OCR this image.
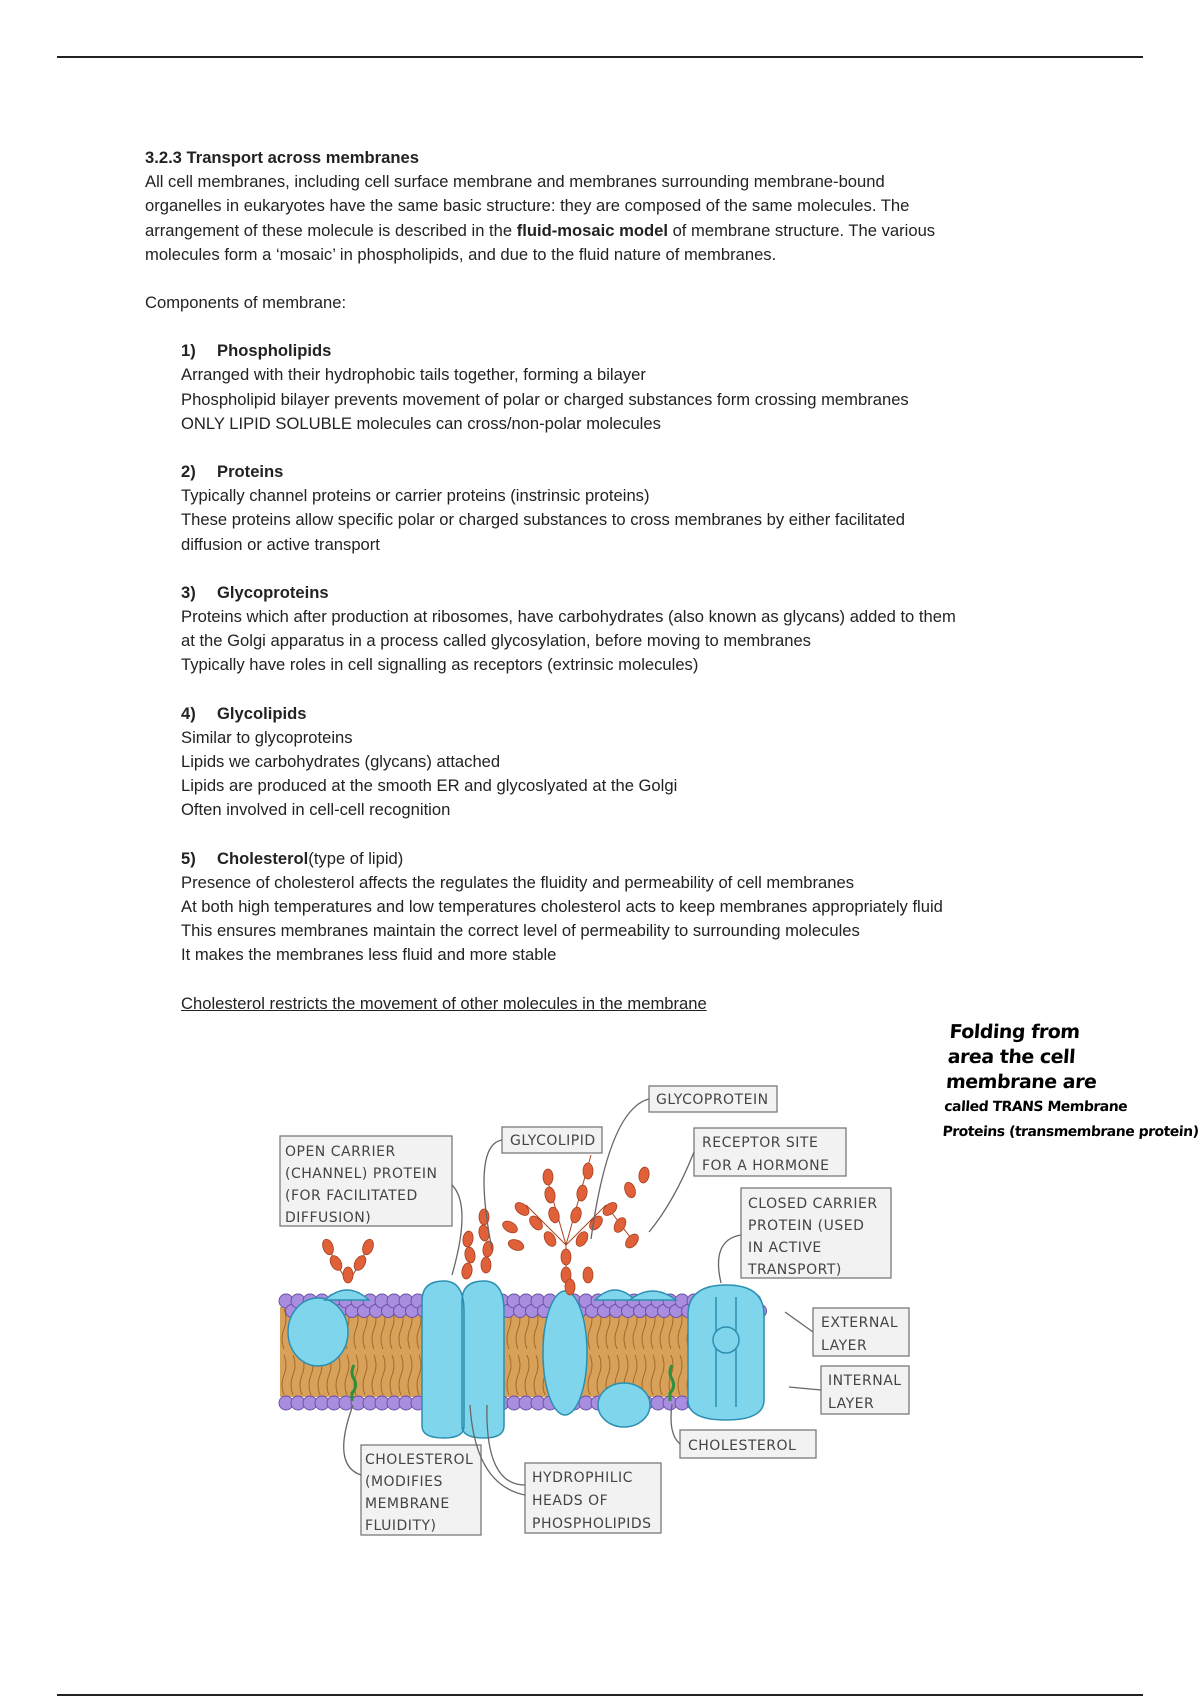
3.2.3 Transport across membranes

All cell membranes, including cell surface membrane and membranes surrounding membrane-bound

organelles in eukaryotes have the same basic structure: they are composed of the same molecules. The

arrangement of these molecule is described in the fluid-mosaic model of membrane structure. The various

molecules form a ‘mosaic’ in phospholipids, and due to the fluid nature of membranes.

Components of membrane:

1)	Phospholipids

Arranged with their hydrophobic tails together, forming a bilayer

Phospholipid bilayer prevents movement of polar or charged substances form crossing membranes

ONLY LIPID SOLUBLE molecules can cross/non-polar molecules

2)	Proteins

Typically channel proteins or carrier proteins (instrinsic proteins)

These proteins allow specific polar or charged substances to cross membranes by either facilitated

diffusion or active transport

3)	Glycoproteins

Proteins which after production at ribosomes, have carbohydrates (also known as glycans) added to them

at the Golgi apparatus in a process called glycosylation, before moving to membranes

Typically have roles in cell signalling as receptors (extrinsic molecules)

4)	Glycolipids

Similar to glycoproteins

Lipids we carbohydrates (glycans) attached

Lipids are produced at the smooth ER and glycoslyated at the Golgi

Often involved in cell-cell recognition

5)	Cholesterol (type of lipid)

Presence of cholesterol affects the regulates the fluidity and permeability of cell membranes

At both high temperatures and low temperatures cholesterol acts to keep membranes appropriately fluid

This ensures membranes maintain the correct level of permeability to surrounding molecules

It makes the membranes less fluid and more stable

Cholesterol restricts the movement of other molecules in the membrane

Folding from
area the cell
membrane are
called TRANS Membrane
Proteins (transmembrane protein)
GLYCOPROTEIN
GLYCOLIPID
OPEN CARRIER
(CHANNEL) PROTEIN
(FOR FACILITATED
DIFFUSION)
RECEPTOR SITE
FOR A HORMONE
CLOSED CARRIER
PROTEIN (USED
IN ACTIVE
TRANSPORT)
EXTERNAL
LAYER
INTERNAL
LAYER
CHOLESTEROL
CHOLESTEROL
(MODIFIES
MEMBRANE
FLUIDITY)
HYDROPHILIC
HEADS OF
PHOSPHOLIPIDS
